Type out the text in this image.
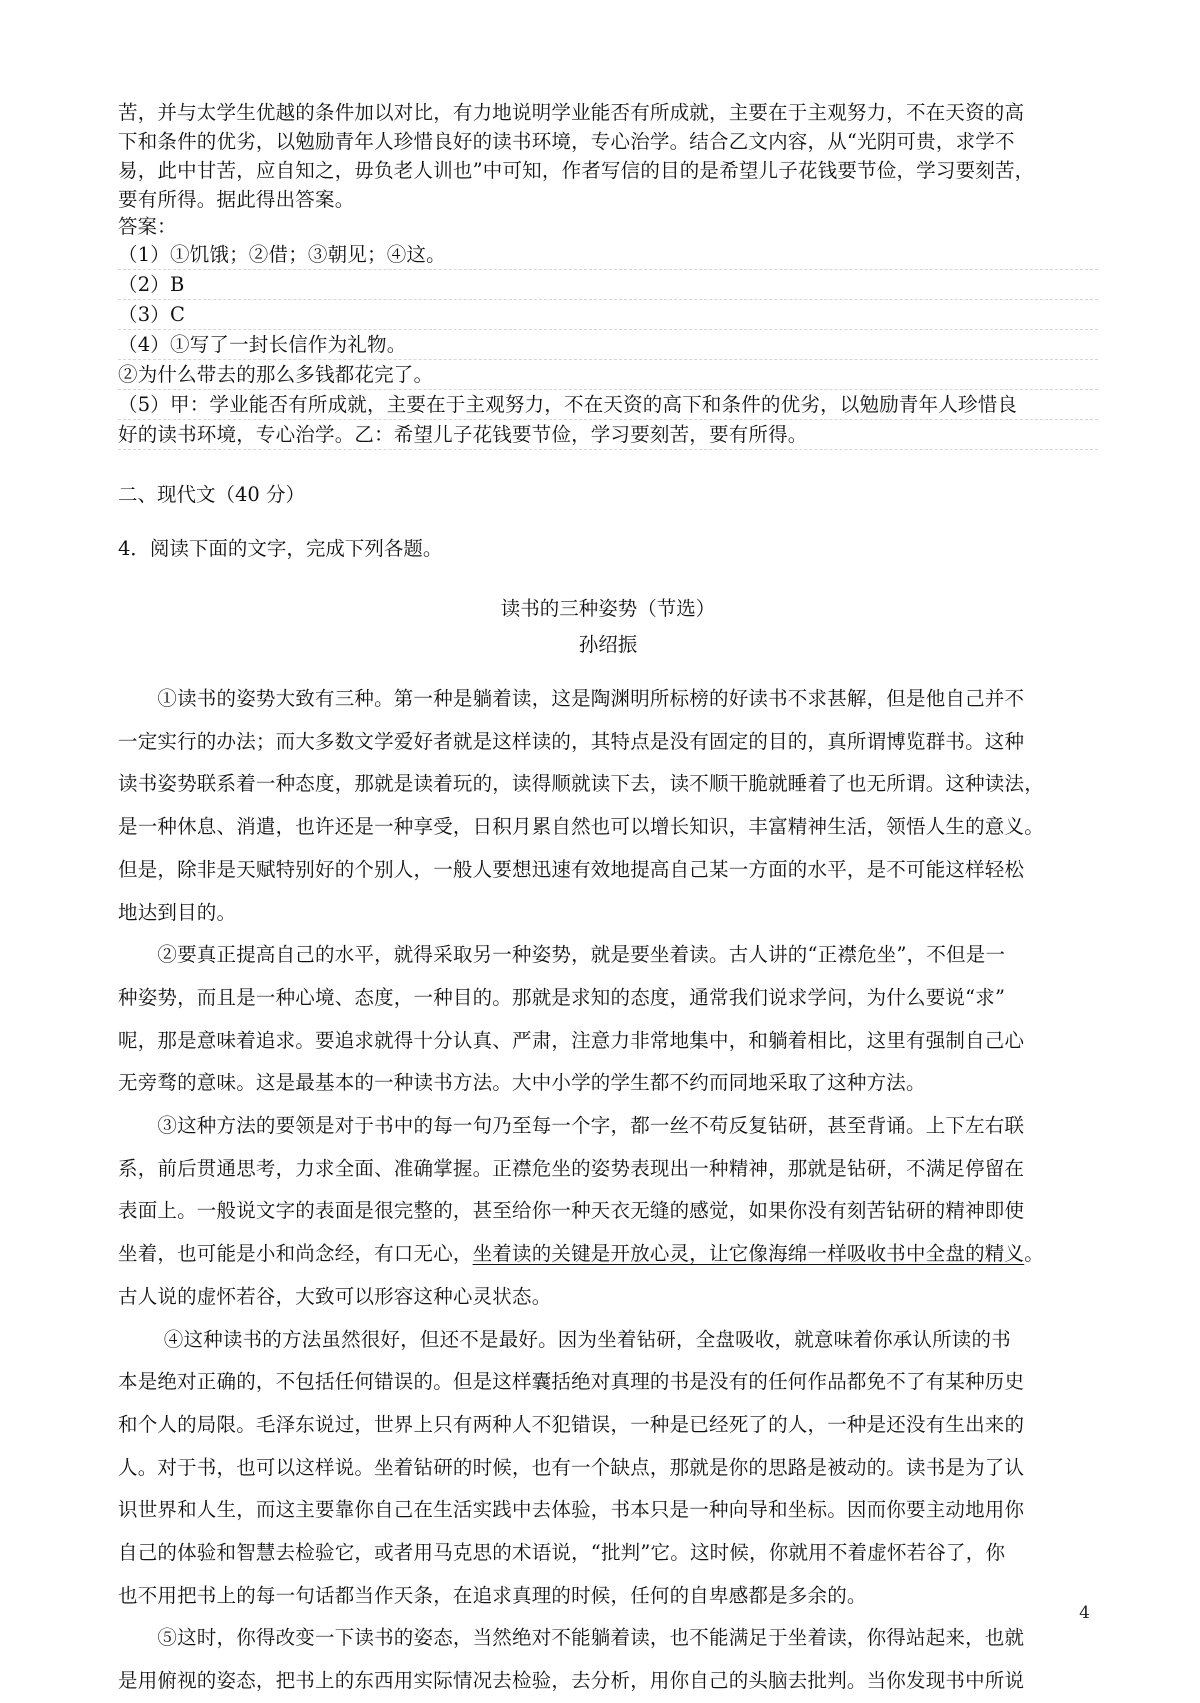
苦，并与太学生优越的条件加以对比，有力地说明学业能否有所成就，主要在于主观努力，不在天资的高
下和条件的优劣，以勉励青年人珍惜良好的读书环境，专心治学。结合乙文内容，从“光阴可贵，求学不
易，此中甘苦，应自知之，毋负老人训也”中可知，作者写信的目的是希望儿子花钱要节俭，学习要刻苦，
要有所得。据此得出答案。
答案：
（1）①饥饿；②借；③朝见；④这。
（2）B
（3）C
（4）①写了一封长信作为礼物。
②为什么带去的那么多钱都花完了。
（5）甲：学业能否有所成就，主要在于主观努力，不在天资的高下和条件的优劣，以勉励青年人珍惜良
好的读书环境，专心治学。乙：希望儿子花钱要节俭，学习要刻苦，要有所得。
二、现代文（40 分）
4．阅读下面的文字，完成下列各题。
读书的三种姿势（节选）
孙绍振
　　①读书的姿势大致有三种。第一种是躺着读，这是陶渊明所标榜的好读书不求甚解，但是他自己并不
一定实行的办法；而大多数文学爱好者就是这样读的，其特点是没有固定的目的，真所谓博览群书。这种
读书姿势联系着一种态度，那就是读着玩的，读得顺就读下去，读不顺干脆就睡着了也无所谓。这种读法，
是一种休息、消遣，也许还是一种享受，日积月累自然也可以增长知识，丰富精神生活，领悟人生的意义。
但是，除非是天赋特别好的个别人，一般人要想迅速有效地提高自己某一方面的水平，是不可能这样轻松
地达到目的。
　　②要真正提高自己的水平，就得采取另一种姿势，就是要坐着读。古人讲的“正襟危坐”，不但是一
种姿势，而且是一种心境、态度，一种目的。那就是求知的态度，通常我们说求学问，为什么要说“求”
呢，那是意味着追求。要追求就得十分认真、严肃，注意力非常地集中，和躺着相比，这里有强制自己心
无旁骛的意味。这是最基本的一种读书方法。大中小学的学生都不约而同地采取了这种方法。
　　③这种方法的要领是对于书中的每一句乃至每一个字，都一丝不苟反复钻研，甚至背诵。上下左右联
系，前后贯通思考，力求全面、准确掌握。正襟危坐的姿势表现出一种精神，那就是钻研，不满足停留在
表面上。一般说文字的表面是很完整的，甚至给你一种天衣无缝的感觉，如果你没有刻苦钻研的精神即使
坐着，也可能是小和尚念经，有口无心，坐着读的关键是开放心灵，让它像海绵一样吸收书中全盘的精义。
古人说的虚怀若谷，大致可以形容这种心灵状态。
　　 ④这种读书的方法虽然很好，但还不是最好。因为坐着钻研，全盘吸收，就意味着你承认所读的书
本是绝对正确的，不包括任何错误的。但是这样囊括绝对真理的书是没有的任何作品都免不了有某种历史
和个人的局限。毛泽东说过，世界上只有两种人不犯错误，一种是已经死了的人，一种是还没有生出来的
人。对于书，也可以这样说。坐着钻研的时候，也有一个缺点，那就是你的思路是被动的。读书是为了认
识世界和人生，而这主要靠你自己在生活实践中去体验，书本只是一种向导和坐标。因而你要主动地用你
自己的体验和智慧去检验它，或者用马克思的术语说，“批判”它。这时候，你就用不着虚怀若谷了，你
也不用把书上的每一句话都当作天条，在追求真理的时候，任何的自卑感都是多余的。
　　⑤这时，你得改变一下读书的姿态，当然绝对不能躺着读，也不能满足于坐着读，你得站起来，也就
是用俯视的姿态，把书上的东西用实际情况去检验，去分析，用你自己的头脑去批判。当你发现书中所说
4
